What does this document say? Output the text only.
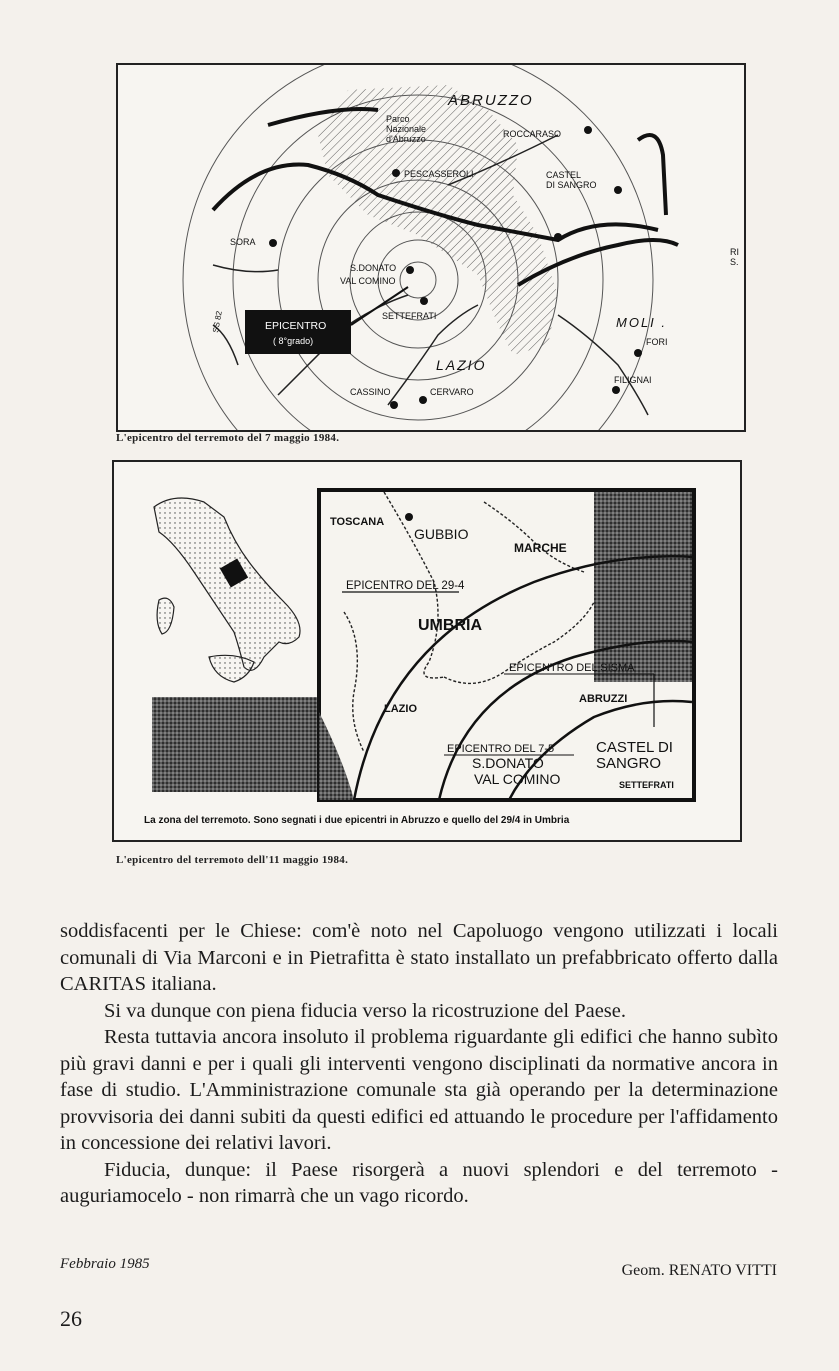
ABRUZZO
Parco
Nazionale
d'Abruzzo
PESCASSEROLI
ROCCARASO
CASTEL
DI SANGRO
SORA
S.DONATO
VAL COMINO
SETTEFRATI
EPICENTRO
( 8°grado)
LAZIO
CASSINO	CERVARO
MOLI .
FORI
FILIGNAI
RI
S.
SS 82
L'epicentro del terremoto del 7 maggio 1984.
TOSCANA
GUBBIO
MARCHE
EPICENTRO DEL 29-4
UMBRIA
EPICENTRO DEL SISMA
ABRUZZI
LAZIO
EPICENTRO DEL 7-5
S.DONATO
VAL COMINO
CASTEL DI
SANGRO
SETTEFRATI
La zona del terremoto. Sono segnati i due epicentri in Abruzzo e quello del 29/4 in Umbria
L'epicentro del terremoto dell'11 maggio 1984.

soddisfacenti per le Chiese: com'è noto nel Capoluogo vengono utilizzati i locali comunali di Via Marconi e in Pietrafitta è stato installato un prefabbricato offerto dalla CARITAS italiana.

Si va dunque con piena fiducia verso la ricostruzione del Paese.

Resta tuttavia ancora insoluto il problema riguardante gli edifici che hanno subìto più gravi danni e per i quali gli interventi vengono disciplinati da normative ancora in fase di studio. L'Amministrazione comunale sta già operando per la determinazione provvisoria dei danni subiti da questi edifici ed attuando le procedure per l'affidamento in concessione dei relativi lavori.

Fiducia, dunque: il Paese risorgerà a nuovi splendori e del terremoto - auguriamocelo - non rimarrà che un vago ricordo.

Febbraio 1985	Geom. RENATO VITTI
26
